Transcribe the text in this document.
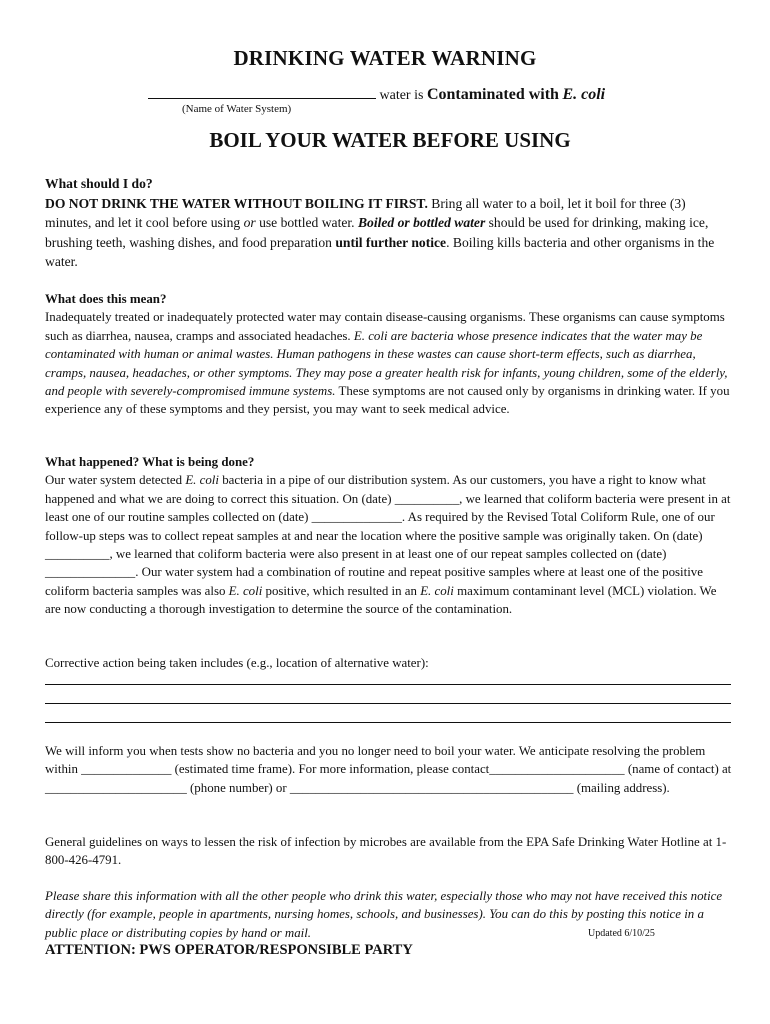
DRINKING WATER WARNING
water is Contaminated with E. coli
(Name of Water System)
BOIL YOUR WATER BEFORE USING
What should I do?
DO NOT DRINK THE WATER WITHOUT BOILING IT FIRST. Bring all water to a boil, let it boil for three (3) minutes, and let it cool before using or use bottled water. Boiled or bottled water should be used for drinking, making ice, brushing teeth, washing dishes, and food preparation until further notice. Boiling kills bacteria and other organisms in the water.
What does this mean?
Inadequately treated or inadequately protected water may contain disease-causing organisms. These organisms can cause symptoms such as diarrhea, nausea, cramps and associated headaches. E. coli are bacteria whose presence indicates that the water may be contaminated with human or animal wastes. Human pathogens in these wastes can cause short-term effects, such as diarrhea, cramps, nausea, headaches, or other symptoms. They may pose a greater health risk for infants, young children, some of the elderly, and people with severely-compromised immune systems. These symptoms are not caused only by organisms in drinking water. If you experience any of these symptoms and they persist, you may want to seek medical advice.
What happened? What is being done?
Our water system detected E. coli bacteria in a pipe of our distribution system. As our customers, you have a right to know what happened and what we are doing to correct this situation. On (date) __________, we learned that coliform bacteria were present in at least one of our routine samples collected on (date) ______________. As required by the Revised Total Coliform Rule, one of our follow-up steps was to collect repeat samples at and near the location where the positive sample was originally taken. On (date) __________, we learned that coliform bacteria were also present in at least one of our repeat samples collected on (date) ______________. Our water system had a combination of routine and repeat positive samples where at least one of the positive coliform bacteria samples was also E. coli positive, which resulted in an E. coli maximum contaminant level (MCL) violation. We are now conducting a thorough investigation to determine the source of the contamination.
Corrective action being taken includes (e.g., location of alternative water):
We will inform you when tests show no bacteria and you no longer need to boil your water. We anticipate resolving the problem within ______________ (estimated time frame). For more information, please contact_____________________ (name of contact) at ______________________ (phone number) or ____________________________________________ (mailing address).
General guidelines on ways to lessen the risk of infection by microbes are available from the EPA Safe Drinking Water Hotline at 1-800-426-4791.
Please share this information with all the other people who drink this water, especially those who may not have received this notice directly (for example, people in apartments, nursing homes, schools, and businesses). You can do this by posting this notice in a public place or distributing copies by hand or mail.	Updated 6/10/25
ATTENTION: PWS OPERATOR/RESPONSIBLE PARTY
